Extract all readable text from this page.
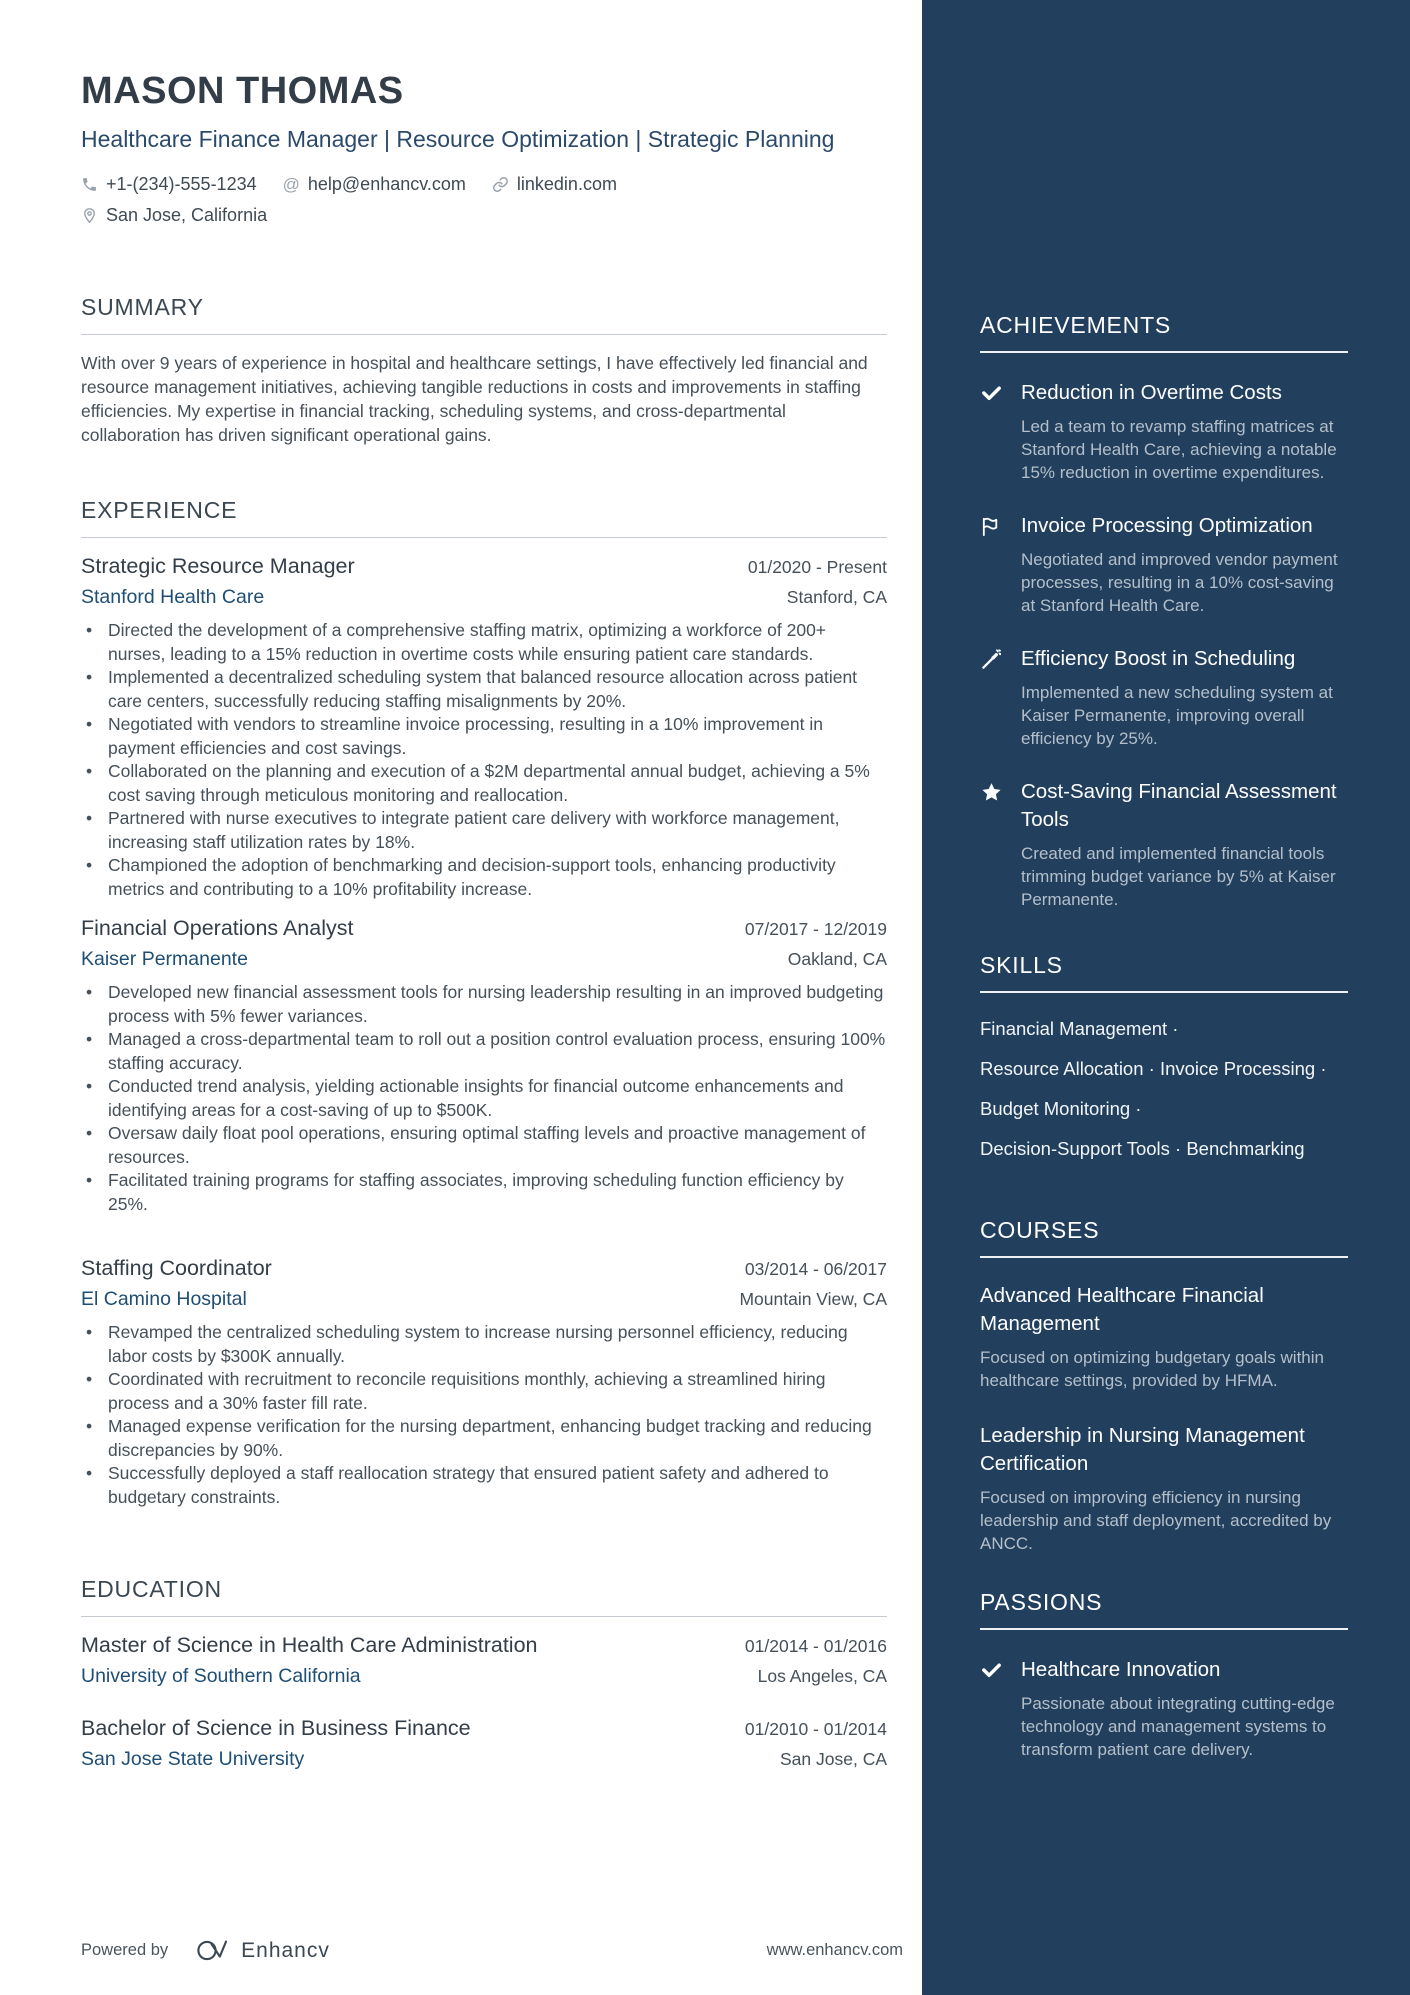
MASON THOMAS
Healthcare Finance Manager | Resource Optimization | Strategic Planning
+1-(234)-555-1234 @ help@enhancv.com	linkedin.com
San Jose, California
SUMMARY
With over 9 years of experience in hospital and healthcare settings, I have effectively led financial and resource management initiatives, achieving tangible reductions in costs and improvements in staffing efficiencies. My expertise in financial tracking, scheduling systems, and cross-departmental collaboration has driven significant operational gains.
EXPERIENCE
Strategic Resource Manager	01/2020 - Present
Stanford Health Care	Stanford, CA
• Directed the development of a comprehensive staffing matrix, optimizing a workforce of 200+ nurses, leading to a 15% reduction in overtime costs while ensuring patient care standards.
• Implemented a decentralized scheduling system that balanced resource allocation across patient care centers, successfully reducing staffing misalignments by 20%.
• Negotiated with vendors to streamline invoice processing, resulting in a 10% improvement in payment efficiencies and cost savings.
• Collaborated on the planning and execution of a $2M departmental annual budget, achieving a 5% cost saving through meticulous monitoring and reallocation.
• Partnered with nurse executives to integrate patient care delivery with workforce management, increasing staff utilization rates by 18%.
• Championed the adoption of benchmarking and decision-support tools, enhancing productivity metrics and contributing to a 10% profitability increase.
Financial Operations Analyst	07/2017 - 12/2019
Kaiser Permanente	Oakland, CA
• Developed new financial assessment tools for nursing leadership resulting in an improved budgeting process with 5% fewer variances.
• Managed a cross-departmental team to roll out a position control evaluation process, ensuring 100% staffing accuracy.
• Conducted trend analysis, yielding actionable insights for financial outcome enhancements and identifying areas for a cost-saving of up to $500K.
• Oversaw daily float pool operations, ensuring optimal staffing levels and proactive management of resources.
• Facilitated training programs for staffing associates, improving scheduling function efficiency by 25%.
Staffing Coordinator	03/2014 - 06/2017
El Camino Hospital	Mountain View, CA
• Revamped the centralized scheduling system to increase nursing personnel efficiency, reducing labor costs by $300K annually.
• Coordinated with recruitment to reconcile requisitions monthly, achieving a streamlined hiring process and a 30% faster fill rate.
• Managed expense verification for the nursing department, enhancing budget tracking and reducing discrepancies by 90%.
• Successfully deployed a staff reallocation strategy that ensured patient safety and adhered to budgetary constraints.
EDUCATION
Master of Science in Health Care Administration	01/2014 - 01/2016
University of Southern California	Los Angeles, CA
Bachelor of Science in Business Finance	01/2010 - 01/2014
San Jose State University	San Jose, CA
ACHIEVEMENTS
Reduction in Overtime Costs
Led a team to revamp staffing matrices at Stanford Health Care, achieving a notable 15% reduction in overtime expenditures.
Invoice Processing Optimization
Negotiated and improved vendor payment processes, resulting in a 10% cost-saving at Stanford Health Care.
Efficiency Boost in Scheduling
Implemented a new scheduling system at Kaiser Permanente, improving overall efficiency by 25%.
Cost-Saving Financial Assessment Tools
Created and implemented financial tools trimming budget variance by 5% at Kaiser Permanente.
SKILLS
Financial Management ·
Resource Allocation · Invoice Processing ·
Budget Monitoring ·
Decision-Support Tools · Benchmarking
COURSES
Advanced Healthcare Financial Management
Focused on optimizing budgetary goals within healthcare settings, provided by HFMA.
Leadership in Nursing Management Certification
Focused on improving efficiency in nursing leadership and staff deployment, accredited by ANCC.
PASSIONS
Healthcare Innovation
Passionate about integrating cutting-edge technology and management systems to transform patient care delivery.
Powered by	Enhancv	www.enhancv.com
